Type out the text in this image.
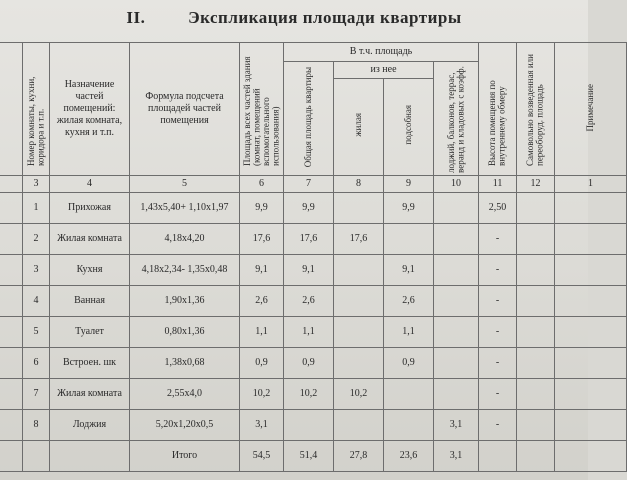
II.	Экспликация площади квартиры
	Номер комнаты, кухни, коридора и т.п.	Назначение частей помещений: жилая комната, кухня и т.п.	Формула подсчета площадей частей помещения	Площадь всех частей здания (комнат, помещений вспомогательного использования)	В т.ч. площадь				Высота помещения по внутреннему обмеру	Самовольно возведенная или переоборуд. площадь	Примечание
					Общая площадь квартиры	из нее		лоджий, балконов, террас, веранд и кладовых с коэфф.			
						жилая	подсобная				
	3	4	5	6	7	8	9	10	11	12	1
	1	Прихожая	1,43х5,40+ 1,10х1,97	9,9	9,9		9,9		2,50		
	2	Жилая комната	4,18х4,20	17,6	17,6	17,6			-		
	3	Кухня	4,18х2,34- 1,35х0,48	9,1	9,1		9,1		-		
	4	Ванная	1,90х1,36	2,6	2,6		2,6		-		
	5	Туалет	0,80х1,36	1,1	1,1		1,1		-		
	6	Встроен. шк	1,38х0,68	0,9	0,9		0,9		-		
	7	Жилая комната	2,55х4,0	10,2	10,2	10,2			-		
	8	Лоджия	5,20х1,20х0,5	3,1				3,1	-		
			Итого	54,5	51,4	27,8	23,6	3,1			
